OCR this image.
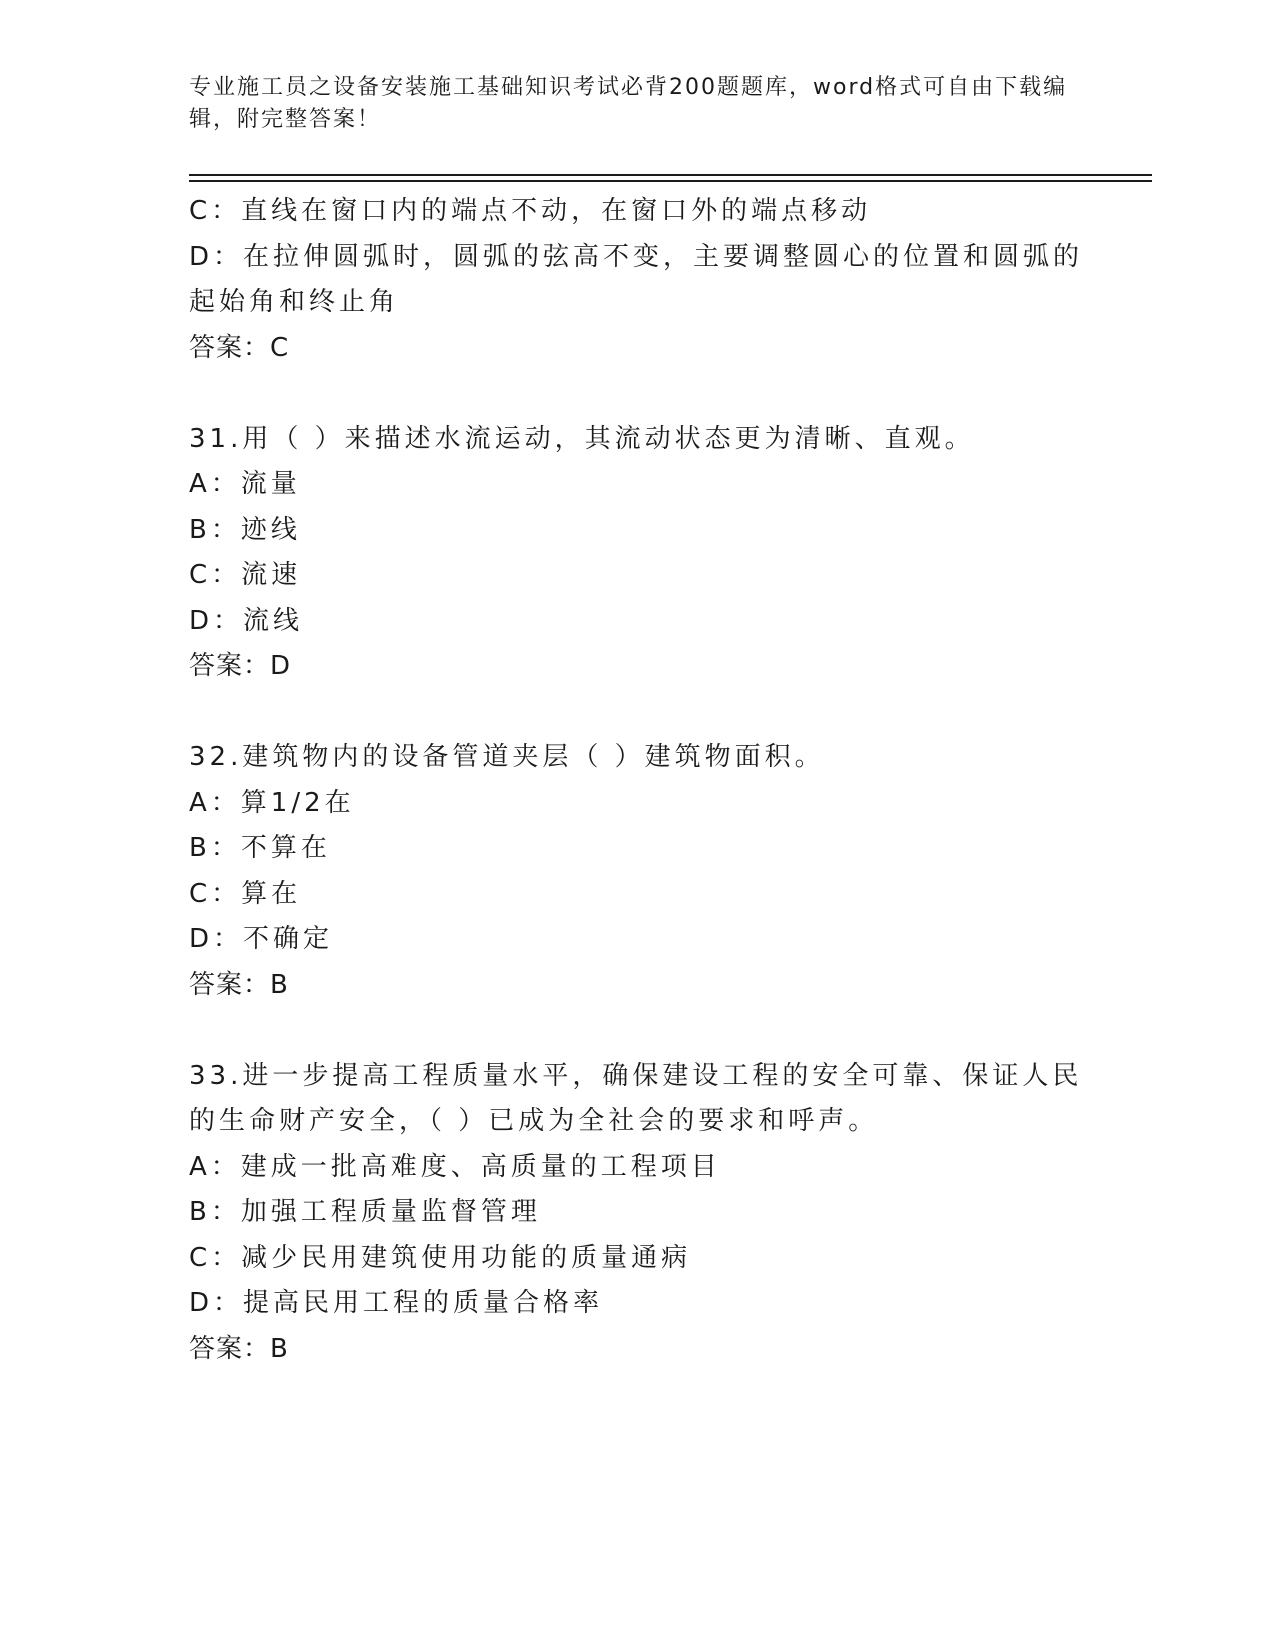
专业施工员之设备安装施工基础知识考试必背200题题库，word格式可自由下载编辑，附完整答案！

C：直线在窗口内的端点不动，在窗口外的端点移动

D：在拉伸圆弧时，圆弧的弦高不变，主要调整圆心的位置和圆弧的起始角和终止角

答案：C

31.用（ ）来描述水流运动，其流动状态更为清晰、直观。

A：流量

B：迹线

C：流速

D：流线

答案：D

32.建筑物内的设备管道夹层（ ）建筑物面积。

A：算1/2在

B：不算在

C：算在

D：不确定

答案：B

33.进一步提高工程质量水平，确保建设工程的安全可靠、保证人民的生命财产安全，（ ）已成为全社会的要求和呼声。

A：建成一批高难度、高质量的工程项目

B：加强工程质量监督管理

C：减少民用建筑使用功能的质量通病

D：提高民用工程的质量合格率

答案：B
